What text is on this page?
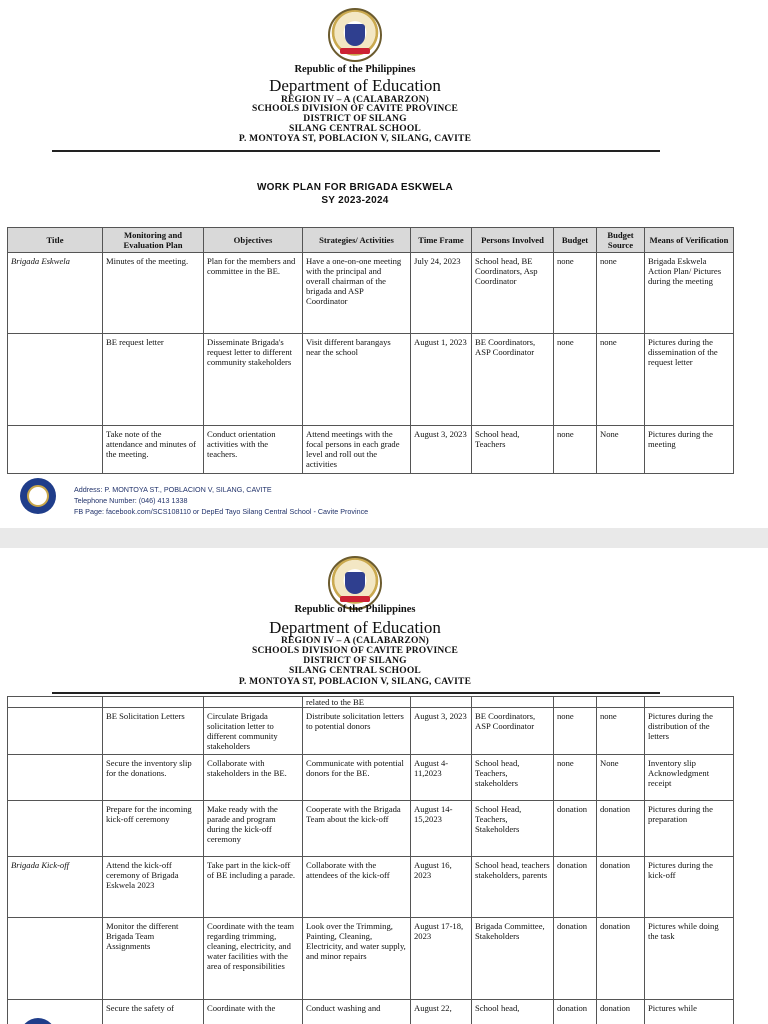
Republic of the Philippines
Department of Education
REGION IV – A (CALABARZON)
SCHOOLS DIVISION OF CAVITE PROVINCE
DISTRICT OF SILANG
SILANG CENTRAL SCHOOL
P. MONTOYA ST, POBLACION V, SILANG, CAVITE
WORK PLAN FOR BRIGADA ESKWELA
SY 2023-2024
Title	Monitoring and Evaluation Plan	Objectives	Strategies/ Activities	Time Frame	Persons Involved	Budget	Budget Source	Means of Verification
Brigada Eskwela	Minutes of the meeting.	Plan for the members and committee in the BE.	Have a one-on-one meeting with the principal and overall chairman of the brigada and ASP Coordinator	July 24, 2023	School head, BE Coordinators, Asp Coordinator	none	none	Brigada Eskwela Action Plan/ Pictures during the meeting
	BE request letter	Disseminate Brigada's request letter to different community stakeholders	Visit different barangays near the school	August 1, 2023	BE Coordinators, ASP Coordinator	none	none	Pictures during the dissemination of the request letter
	Take note of the attendance and minutes of the meeting.	Conduct orientation activities with the teachers.	Attend meetings with the focal persons in each grade level and roll out the activities	August 3, 2023	School head, Teachers	none	None	Pictures during the meeting
Address: P. MONTOYA ST., POBLACION V, SILANG, CAVITE
Telephone Number: (046) 413 1338
FB Page: facebook.com/SCS108110 or DepEd Tayo Silang Central School - Cavite Province
Republic of the Philippines
Department of Education
REGION IV – A (CALABARZON)
SCHOOLS DIVISION OF CAVITE PROVINCE
DISTRICT OF SILANG
SILANG CENTRAL SCHOOL
P. MONTOYA ST, POBLACION V, SILANG, CAVITE
			related to the BE					
	BE Solicitation Letters	Circulate Brigada solicitation letter to different community stakeholders	Distribute solicitation letters to potential donors	August 3, 2023	BE Coordinators, ASP Coordinator	none	none	Pictures during the distribution of the letters
	Secure the inventory slip for the donations.	Collaborate with stakeholders in the BE.	Communicate with potential donors for the BE.	August 4-11,2023	School head, Teachers, stakeholders	none	None	Inventory slip Acknowledgment receipt
	Prepare for the incoming kick-off ceremony	Make ready with the parade and program during the kick-off ceremony	Cooperate with the Brigada Team about the kick-off	August 14-15,2023	School Head, Teachers, Stakeholders	donation	donation	Pictures during the preparation
Brigada Kick-off	Attend the kick-off ceremony of Brigada Eskwela 2023	Take part in the kick-off of BE including a parade.	Collaborate with the attendees of the kick-off	August 16, 2023	School head, teachers stakeholders, parents	donation	donation	Pictures during the kick-off
	Monitor the different Brigada Team Assignments	Coordinate with the team regarding trimming, cleaning, electricity, and water facilities with the area of responsibilities	Look over the Trimming, Painting, Cleaning, Electricity, and water supply, and minor repairs	August 17-18, 2023	Brigada Committee, Stakeholders	donation	donation	Pictures while doing the task
	Secure the safety of	Coordinate with the	Conduct washing and	August 22,	School head,	donation	donation	Pictures while
